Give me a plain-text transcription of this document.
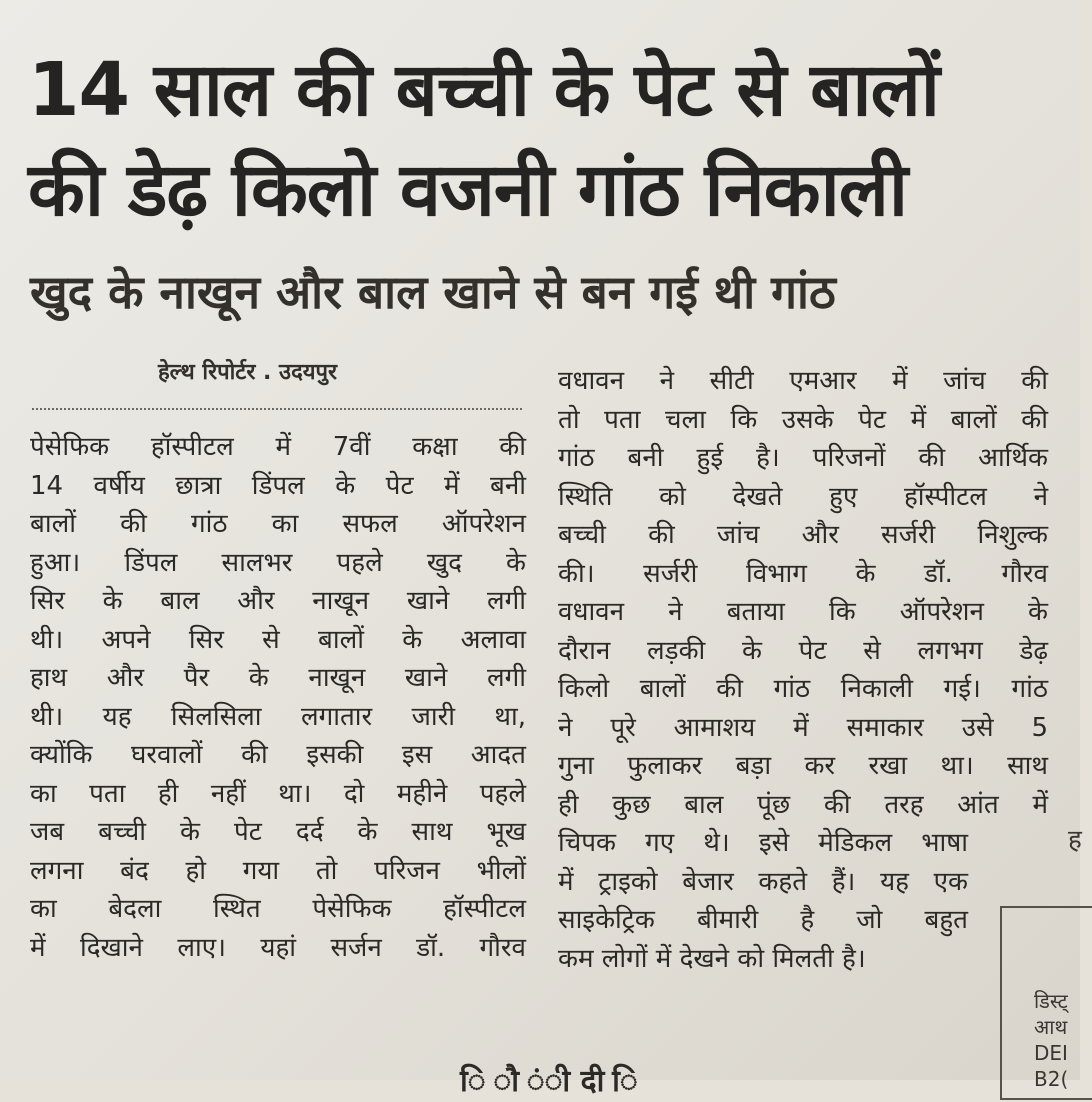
14 साल की बच्ची के पेट से बालों
की डेढ़ किलो वजनी गांठ निकाली
खुद के नाखून और बाल खाने से बन गई थी गांठ
हेल्थ रिपोर्टर . उदयपुर
पेसेफिक हॉस्पीटल में 7वीं कक्षा की
14 वर्षीय छात्रा डिंपल के पेट में बनी
बालों की गांठ का सफल ऑपरेशन
हुआ। डिंपल सालभर पहले खुद के
सिर के बाल और नाखून खाने लगी
थी। अपने सिर से बालों के अलावा
हाथ और पैर के नाखून खाने लगी
थी। यह सिलसिला लगातार जारी था,
क्योंकि घरवालों की इसकी इस आदत
का पता ही नहीं था। दो महीने पहले
जब बच्ची के पेट दर्द के साथ भूख
लगना बंद हो गया तो परिजन भीलों
का बेदला स्थित पेसेफिक हॉस्पीटल
में दिखाने लाए। यहां सर्जन डॉ. गौरव
वधावन ने सीटी एमआर में जांच की
तो पता चला कि उसके पेट में बालों की
गांठ बनी हुई है। परिजनों की आर्थिक
स्थिति को देखते हुए हॉस्पीटल ने
बच्ची की जांच और सर्जरी निशुल्क
की। सर्जरी विभाग के डॉ. गौरव
वधावन ने बताया कि ऑपरेशन के
दौरान लड़की के पेट से लगभग डेढ़
किलो बालों की गांठ निकाली गई। गांठ
ने पूरे आमाशय में समाकार उसे 5
गुना फुलाकर बड़ा कर रखा था। साथ
ही कुछ बाल पूंछ की तरह आंत में
चिपक गए थे। इसे मेडिकल भाषा
में ट्राइको बेजार कहते हैं। यह एक
साइकेट्रिक बीमारी है जो बहुत
कम लोगों में देखने को मिलती है।
डिस्ट्
आथ
DEI
B2(
ह
ि ौ ंी दी ि
